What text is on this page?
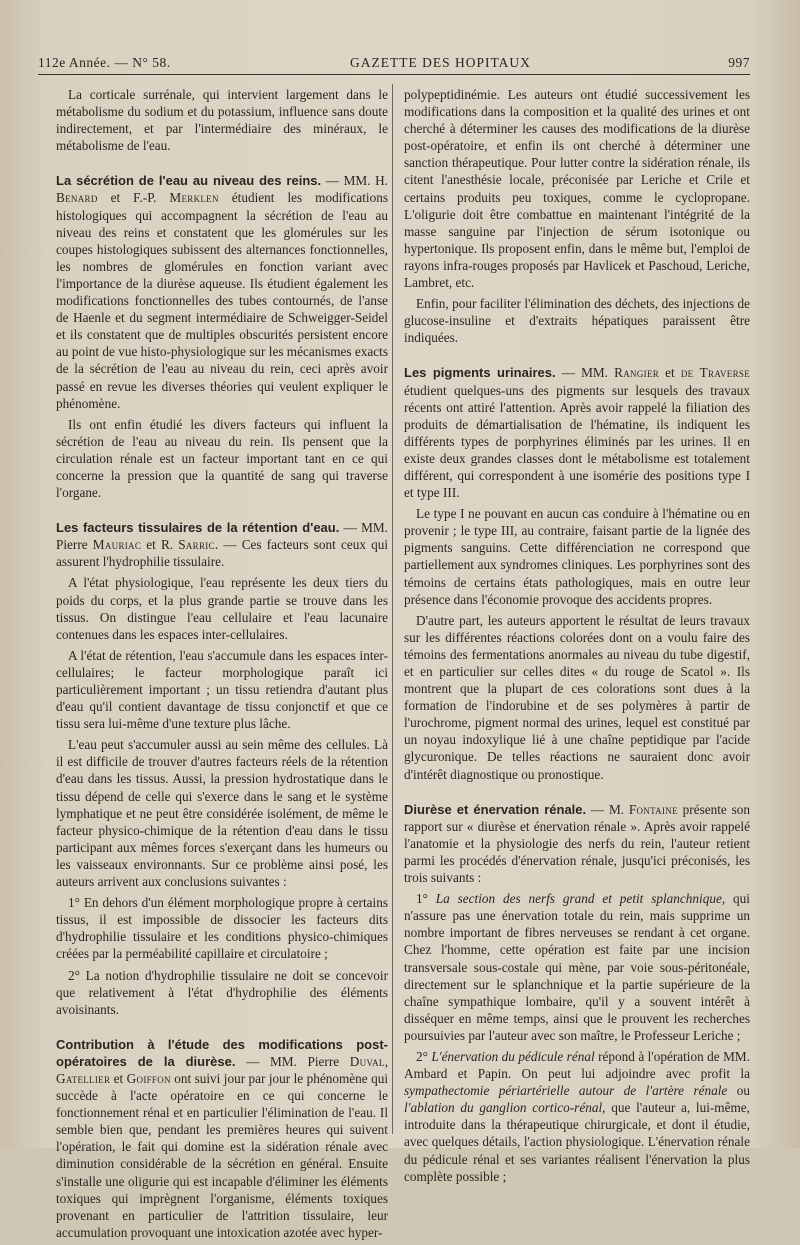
112e Année. — N° 58.	GAZETTE DES HOPITAUX	997

La corticale surrénale, qui intervient largement dans le métabolisme du sodium et du potassium, influence sans doute indirectement, et par l'intermédiaire des minéraux, le métabolisme de l'eau.

La sécrétion de l'eau au niveau des reins. — MM. H. Benard et F.-P. Merklen étudient les modifications histologiques qui accompagnent la sécrétion de l'eau au niveau des reins et constatent que les glomérules sur les coupes histologiques subissent des alternances fonctionnelles, les nombres de glomérules en fonction variant avec l'importance de la diurèse aqueuse. Ils étudient également les modifications fonctionnelles des tubes contournés, de l'anse de Haenle et du segment intermédiaire de Schweigger-Seidel et ils constatent que de multiples obscurités persistent encore au point de vue histo-physiologique sur les mécanismes exacts de la sécrétion de l'eau au niveau du rein, ceci après avoir passé en revue les diverses théories qui veulent expliquer le phénomène.

Ils ont enfin étudié les divers facteurs qui influent la sécrétion de l'eau au niveau du rein. Ils pensent que la circulation rénale est un facteur important tant en ce qui concerne la pression que la quantité de sang qui traverse l'organe.

Les facteurs tissulaires de la rétention d'eau. — MM. Pierre Mauriac et R. Sarric. — Ces facteurs sont ceux qui assurent l'hydrophilie tissulaire.

A l'état physiologique, l'eau représente les deux tiers du poids du corps, et la plus grande partie se trouve dans les tissus. On distingue l'eau cellulaire et l'eau lacunaire contenues dans les espaces inter-cellulaires.

A l'état de rétention, l'eau s'accumule dans les espaces inter-cellulaires; le facteur morphologique paraît ici particulièrement important ; un tissu retiendra d'autant plus d'eau qu'il contient davantage de tissu conjonctif et que ce tissu sera lui-même d'une texture plus lâche.

L'eau peut s'accumuler aussi au sein même des cellules. Là il est difficile de trouver d'autres facteurs réels de la rétention d'eau dans les tissus. Aussi, la pression hydrostatique dans le tissu dépend de celle qui s'exerce dans le sang et le système lymphatique et ne peut être considérée isolément, de même le facteur physico-chimique de la rétention d'eau dans le tissu participant aux mêmes forces s'exerçant dans les humeurs ou les vaisseaux environnants. Sur ce problème ainsi posé, les auteurs arrivent aux conclusions suivantes :

1° En dehors d'un élément morphologique propre à certains tissus, il est impossible de dissocier les facteurs dits d'hydrophilie tissulaire et les conditions physico-chimiques créées par la perméabilité capillaire et circulatoire ;

2° La notion d'hydrophilie tissulaire ne doit se concevoir que relativement à l'état d'hydrophilie des éléments avoisinants.

Contribution à l'étude des modifications post-opératoires de la diurèse. — MM. Pierre Duval, Gatellier et Goiffon ont suivi jour par jour le phénomène qui succède à l'acte opératoire en ce qui concerne le fonctionnement rénal et en particulier l'élimination de l'eau. Il semble bien que, pendant les premières heures qui suivent l'opération, le fait qui domine est la sidération rénale avec diminution considérable de la sécrétion en général. Ensuite s'installe une oligurie qui est incapable d'éliminer les éléments toxiques qui imprègnent l'organisme, éléments toxiques provenant en particulier de l'attrition tissulaire, leur accumulation provoquant une intoxication azotée avec hyper-

polypeptidinémie. Les auteurs ont étudié successivement les modifications dans la composition et la qualité des urines et ont cherché à déterminer les causes des modifications de la diurèse post-opératoire, et enfin ils ont cherché à déterminer une sanction thérapeutique. Pour lutter contre la sidération rénale, ils citent l'anesthésie locale, préconisée par Leriche et Crile et certains produits peu toxiques, comme le cyclopropane. L'oligurie doit être combattue en maintenant l'intégrité de la masse sanguine par l'injection de sérum isotonique ou hypertonique. Ils proposent enfin, dans le même but, l'emploi de rayons infra-rouges proposés par Havlicek et Paschoud, Leriche, Lambret, etc.

Enfin, pour faciliter l'élimination des déchets, des injections de glucose-insuline et d'extraits hépatiques paraissent être indiquées.

Les pigments urinaires. — MM. Rangier et de Traverse étudient quelques-uns des pigments sur lesquels des travaux récents ont attiré l'attention. Après avoir rappelé la filiation des produits de démartialisation de l'hématine, ils indiquent les différents types de porphyrines éliminés par les urines. Il en existe deux grandes classes dont le métabolisme est totalement différent, qui correspondent à une isomérie des positions type I et type III.

Le type I ne pouvant en aucun cas conduire à l'hématine ou en provenir ; le type III, au contraire, faisant partie de la lignée des pigments sanguins. Cette différenciation ne correspond que partiellement aux syndromes cliniques. Les porphyrines sont des témoins de certains états pathologiques, mais en outre leur présence dans l'économie provoque des accidents propres.

D'autre part, les auteurs apportent le résultat de leurs travaux sur les différentes réactions colorées dont on a voulu faire des témoins des fermentations anormales au niveau du tube digestif, et en particulier sur celles dites « du rouge de Scatol ». Ils montrent que la plupart de ces colorations sont dues à la formation de l'indorubine et de ses polymères à partir de l'urochrome, pigment normal des urines, lequel est constitué par un noyau indoxylique lié à une chaîne peptidique par l'acide glycuronique. De telles réactions ne sauraient donc avoir d'intérêt diagnostique ou pronostique.

Diurèse et énervation rénale. — M. Fontaine présente son rapport sur « diurèse et énervation rénale ». Après avoir rappelé l'anatomie et la physiologie des nerfs du rein, l'auteur retient parmi les procédés d'énervation rénale, jusqu'ici préconisés, les trois suivants :

1° La section des nerfs grand et petit splanchnique, qui n'assure pas une énervation totale du rein, mais supprime un nombre important de fibres nerveuses se rendant à cet organe. Chez l'homme, cette opération est faite par une incision transversale sous-costale qui mène, par voie sous-péritonéale, directement sur le splanchnique et la partie supérieure de la chaîne sympathique lombaire, qu'il y a souvent intérêt à disséquer en même temps, ainsi que le prouvent les recherches poursuivies par l'auteur avec son maître, le Professeur Leriche ;

2° L'énervation du pédicule rénal répond à l'opération de MM. Ambard et Papin. On peut lui adjoindre avec profit la sympathectomie périartérielle autour de l'artère rénale ou l'ablation du ganglion cortico-rénal, que l'auteur a, lui-même, introduite dans la thérapeutique chirurgicale, et dont il étudie, avec quelques détails, l'action physiologique. L'énervation rénale du pédicule rénal et ses variantes réalisent l'énervation la plus complète possible ;
